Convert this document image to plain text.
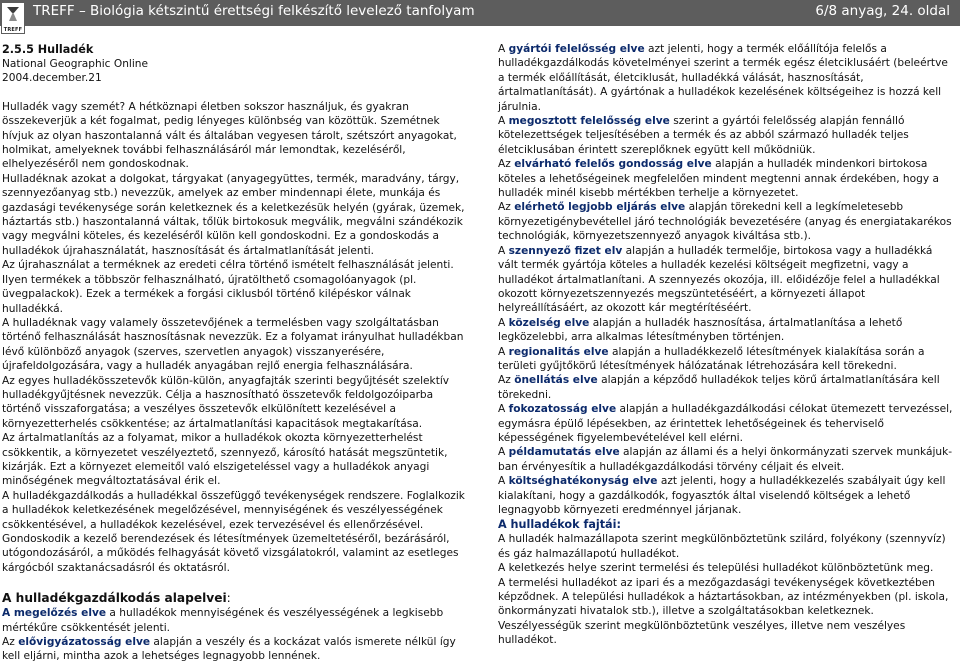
TREFF
TREFF – Biológia kétszintű érettségi felkészítő levelező tanfolyam	6/8 anyag, 24. oldal

2.5.5 Hulladék

National Geographic Online

2004.december.21

Hulladék vagy szemét? A hétköznapi életben sokszor használjuk, és gyakran összekeverjük a két fogalmat, pedig lényeges különbség van közöttük. Szemétnek hívjuk az olyan haszontalanná vált és általában vegyesen tárolt, szétszórt anyagokat, holmikat, amelyeknek további felhasználásáról már lemondtak, kezeléséről, elhelyezéséről nem gondoskodnak.

Hulladéknak azokat a dolgokat, tárgyakat (anyagegyüttes, termék, maradvány, tárgy, szennyezőanyag stb.) nevezzük, amelyek az ember mindennapi élete, munkája és gazdasági tevékenysége során keletkeznek és a keletkezésük helyén (gyárak, üzemek, háztartás stb.) haszontalanná váltak, tőlük birtokosuk megválik, megválni szándékozik vagy megválni köteles, és kezeléséről külön kell gondoskodni. Ez a gondoskodás a hulladékok újrahasználatát, hasznosítását és ártalmatlanítását jelenti.

Az újrahasználat a terméknek az eredeti célra történő ismételt felhasználását jelenti. Ilyen termékek a többször felhasználható, újratölthető csomagolóanyagok (pl. üvegpalackok). Ezek a termékek a forgási ciklusból történő kilépéskor válnak hulladékká.

A hulladéknak vagy valamely összetevőjének a termelésben vagy szolgáltatásban történő felhasználását hasznosításnak nevezzük. Ez a folyamat irányulhat hulladékban lévő különböző anyagok (szerves, szervetlen anyagok) visszanyerésére, újrafeldolgozására, vagy a hulladék anyagában rejlő energia felhasználására.

Az egyes hulladékösszetevők külön-külön, anyagfajták szerinti begyűjtését szelektív hulladékgyűjtésnek nevezzük. Célja a hasznosítható összetevők feldolgozóiparba történő visszaforgatása; a veszélyes összetevők elkülönített kezelésével a környezetterhelés csökkentése; az ártalmatlanítási kapacitások megtakarítása.

Az ártalmatlanítás az a folyamat, mikor a hulladékok okozta környezetterhelést csökkentik, a környezetet veszélyeztető, szennyező, károsító hatását megszüntetik, kizárják. Ezt a környezet elemeitől való elszigeteléssel vagy a hulladékok anyagi minőségének megváltoztatásával érik el.

A hulladékgazdálkodás a hulladékkal összefüggő tevékenységek rendszere. Foglalkozik a hulladékok keletkezésének megelőzésével, mennyiségének és veszélyességének csökkentésével, a hulladékok kezelésével, ezek tervezésével és ellenőrzésével. Gondoskodik a kezelő berendezések és létesítmények üzemeltetéséről, bezárásáról, utógondozásáról, a működés felhagyását követő vizsgálatokról, valamint az esetleges kárgócból szaktanácsadásról és oktatásról.

A hulladékgazdálkodás alapelvei:

A megelőzés elve a hulladékok mennyiségének és veszélyességének a legkisebb mértékűre csökkentését jelenti.

Az elővigyázatosság elve alapján a veszély és a kockázat valós ismerete nélkül így kell eljárni, mintha azok a lehetséges legnagyobb lennének.

A gyártói felelősség elve azt jelenti, hogy a termék előállítója felelős a hulladékgazdálkodás követelményei szerint a termék egész életciklusáért (beleértve a termék előállítását, életciklusát, hulladékká válását, hasznosítását, ártalmatlanítását). A gyártónak a hulladékok kezelésének költségeihez is hozzá kell járulnia.

A megosztott felelősség elve szerint a gyártói felelősség alapján fennálló kötelezettségek teljesítésében a termék és az abból származó hulladék teljes életciklusában érintett szereplőknek együtt kell működniük.

Az elvárható felelős gondosság elve alapján a hulladék mindenkori birtokosa köteles a lehetőségeinek megfelelően mindent megtenni annak érdekében, hogy a hulladék minél kisebb mértékben terhelje a környezetet.

Az elérhető legjobb eljárás elve alapján törekedni kell a legkímeletesebb környezetigénybevétellel járó technológiák bevezetésére (anyag és energiatakarékos technológiák, környezetszennyező anyagok kiváltása stb.).

A szennyező fizet elv alapján a hulladék termelője, birtokosa vagy a hulladékká vált termék gyártója köteles a hulladék kezelési költségeit megfizetni, vagy a hulladékot ártalmatlanítani. A szennyezés okozója, ill. előidézője felel a hulladékkal okozott környezetszennyezés megszüntetéséért, a környezeti állapot helyreállításáért, az okozott kár megtérítéséért.

A közelség elve alapján a hulladék hasznosítása, ártalmatlanítása a lehető legközelebbi, arra alkalmas létesítményben történjen.

A regionalitás elve alapján a hulladékkezelő létesítmények kialakítása során a területi gyűjtőkörű létesítmények hálózatának létrehozására kell törekedni.

Az önellátás elve alapján a képződő hulladékok teljes körű ártalmatlanítására kell törekedni.

A fokozatosság elve alapján a hulladékgazdálkodási célokat ütemezett tervezéssel, egymásra épülő lépésekben, az érintettek lehetőségeinek és teherviselő képességének figyelembevételével kell elérni.

A példamutatás elve alapján az állami és a helyi önkormányzati szervek munkájuk-ban érvényesítik a hulladékgazdálkodási törvény céljait és elveit.

A költséghatékonyság elve azt jelenti, hogy a hulladékkezelés szabályait úgy kell kialakítani, hogy a gazdálkodók, fogyasztók által viselendő költségek a lehető legnagyobb környezeti eredménnyel járjanak.

A hulladékok fajtái:

A hulladék halmazállapota szerint megkülönböztetünk szilárd, folyékony (szennyvíz) és gáz halmazállapotú hulladékot.

A keletkezés helye szerint termelési és települési hulladékot különböztetünk meg.

A termelési hulladékot az ipari és a mezőgazdasági tevékenységek következtében képződnek. A települési hulladékok a háztartásokban, az intézményekben (pl. iskola, önkormányzati hivatalok stb.), illetve a szolgáltatásokban keletkeznek.

Veszélyességük szerint megkülönböztetünk veszélyes, illetve nem veszélyes hulladékot.
